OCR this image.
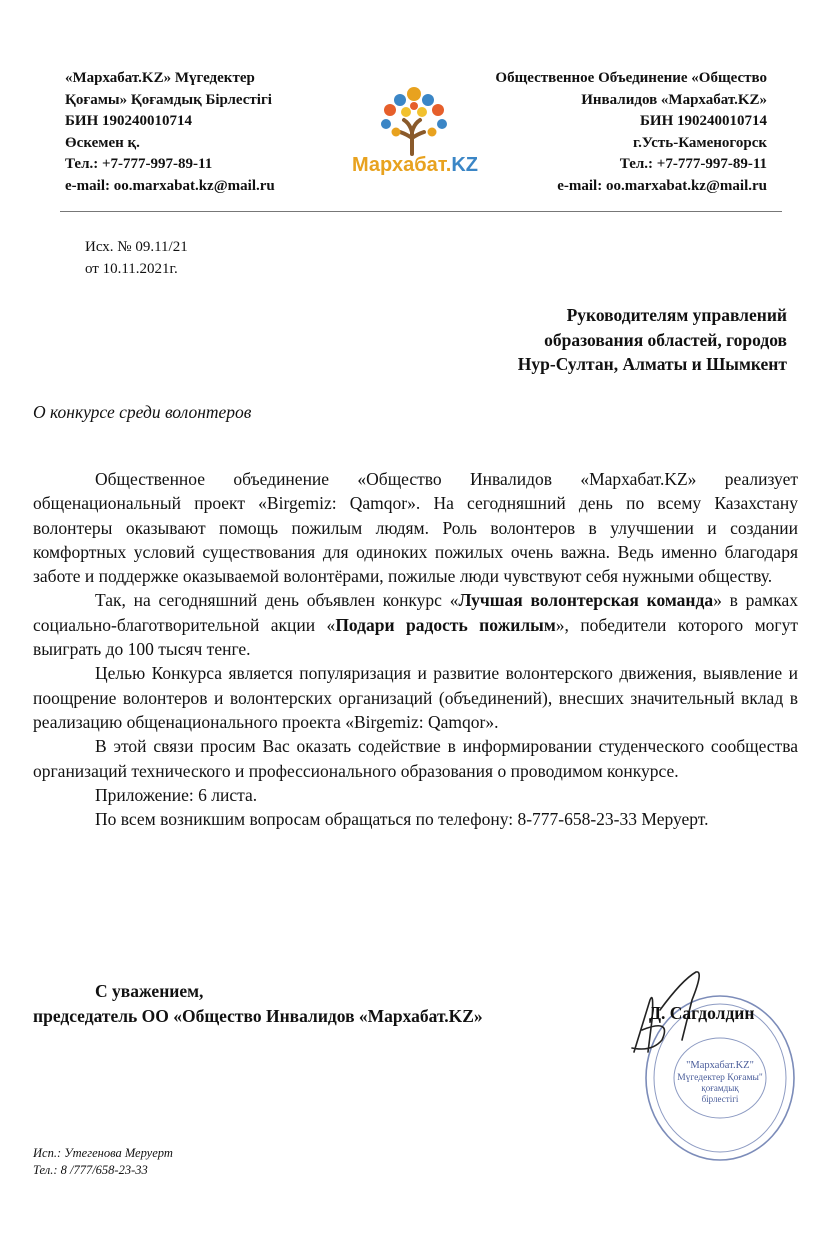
«Мархабат.KZ» Мүгедектер
Қоғамы» Қоғамдық Бірлестігі
БИН 190240010714
Өскемен қ.
Тел.: +7-777-997-89-11
e-mail: oo.marxabat.kz@mail.ru
Мархабат.KZ
Общественное Объединение «Общество
Инвалидов «Мархабат.KZ»
БИН 190240010714
г.Усть-Каменогорск
Тел.: +7-777-997-89-11
e-mail: oo.marxabat.kz@mail.ru
Исх. № 09.11/21
от 10.11.2021г.
Руководителям управлений
образования областей, городов
Нур-Султан, Алматы и Шымкент
О конкурсе среди волонтеров

Общественное объединение «Общество Инвалидов «Мархабат.KZ» реализует общенациональный проект «Birgemiz: Qamqor». На сегодняшний день по всему Казахстану волонтеры оказывают помощь пожилым людям. Роль волонтеров в улучшении и создании комфортных условий существования для одиноких пожилых очень важна. Ведь именно благодаря заботе и поддержке оказываемой волонтёрами, пожилые люди чувствуют себя нужными обществу.

Так, на сегодняшний день объявлен конкурс «Лучшая волонтерская команда» в рамках социально-благотворительной акции «Подари радость пожилым», победители которого могут выиграть до 100 тысяч тенге.

Целью Конкурса является популяризация и развитие волонтерского движения, выявление и поощрение волонтеров и волонтерских организаций (объединений), внесших значительный вклад в реализацию общенационального проекта «Birgemiz: Qamqor».

В этой связи просим Вас оказать содействие в информировании студенческого сообщества организаций технического и профессионального образования о проводимом конкурсе.

Приложение: 6 листа.

По всем возникшим вопросам обращаться по телефону: 8-777-658-23-33 Меруерт.

С уважением,
председатель ОО «Общество Инвалидов «Мархабат.KZ»
"Мархабат.KZ"
Мүгедектер Қоғамы"
қоғамдық
бірлестігі
Д. Сагдолдин
Исп.: Утегенова Меруерт
Тел.: 8 /777/658-23-33
